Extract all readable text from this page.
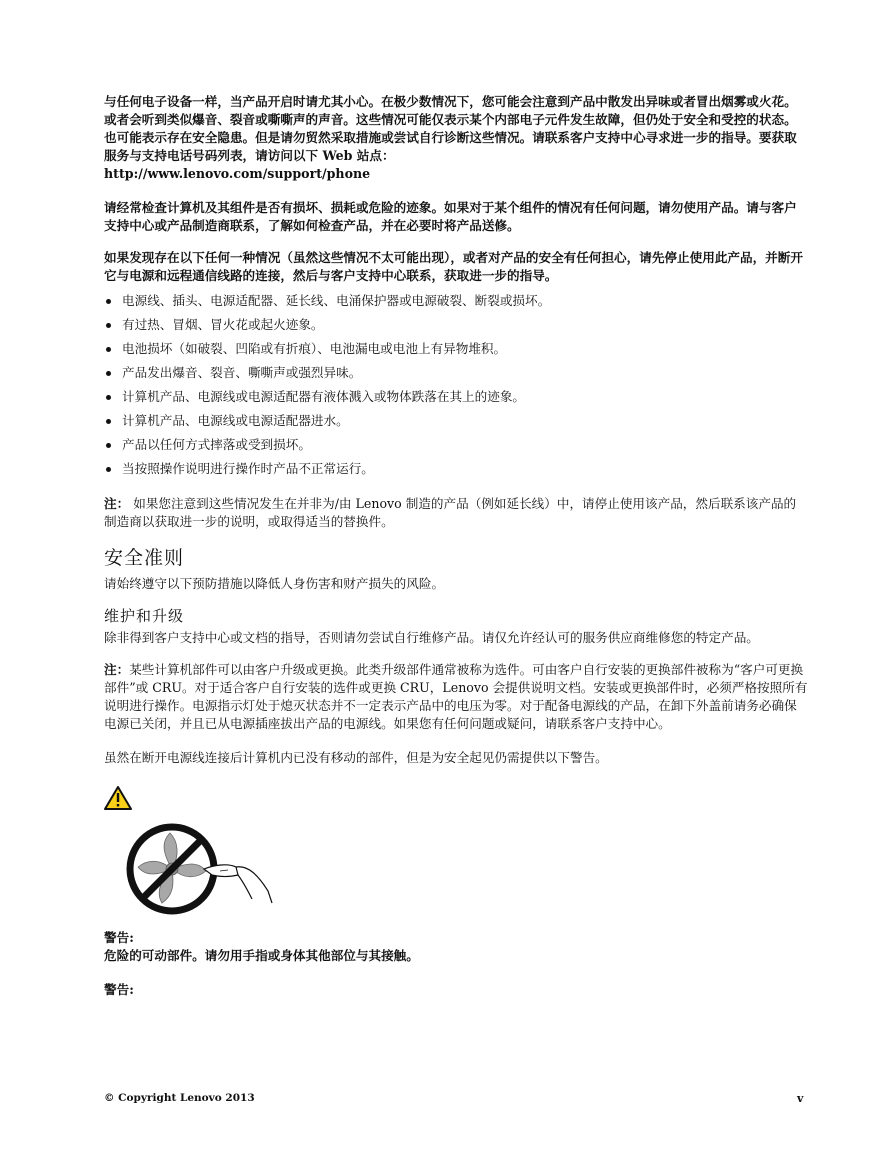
与任何电子设备一样，当产品开启时请尤其小心。在极少数情况下，您可能会注意到产品中散发出异味或者冒出烟雾或火花。或者会听到类似爆音、裂音或嘶嘶声的声音。这些情况可能仅表示某个内部电子元件发生故障，但仍处于安全和受控的状态。也可能表示存在安全隐患。但是请勿贸然采取措施或尝试自行诊断这些情况。请联系客户支持中心寻求进一步的指导。要获取服务与支持电话号码列表，请访问以下 Web 站点：
http://www.lenovo.com/support/phone

请经常检查计算机及其组件是否有损坏、损耗或危险的迹象。如果对于某个组件的情况有任何问题，请勿使用产品。请与客户支持中心或产品制造商联系，了解如何检查产品，并在必要时将产品送修。

如果发现存在以下任何一种情况（虽然这些情况不太可能出现），或者对产品的安全有任何担心，请先停止使用此产品，并断开它与电源和远程通信线路的连接，然后与客户支持中心联系，获取进一步的指导。

电源线、插头、电源适配器、延长线、电涌保护器或电源破裂、断裂或损坏。
有过热、冒烟、冒火花或起火迹象。
电池损坏（如破裂、凹陷或有折痕）、电池漏电或电池上有异物堆积。
产品发出爆音、裂音、嘶嘶声或强烈异味。
计算机产品、电源线或电源适配器有液体溅入或物体跌落在其上的迹象。
计算机产品、电源线或电源适配器进水。
产品以任何方式摔落或受到损坏。
当按照操作说明进行操作时产品不正常运行。

注： 如果您注意到这些情况发生在并非为/由 Lenovo 制造的产品（例如延长线）中，请停止使用该产品，然后联系该产品的制造商以获取进一步的说明，或取得适当的替换件。

安全准则

请始终遵守以下预防措施以降低人身伤害和财产损失的风险。

维护和升级

除非得到客户支持中心或文档的指导，否则请勿尝试自行维修产品。请仅允许经认可的服务供应商维修您的特定产品。

注：某些计算机部件可以由客户升级或更换。此类升级部件通常被称为选件。可由客户自行安装的更换部件被称为“客户可更换部件”或 CRU。对于适合客户自行安装的选件或更换 CRU，Lenovo 会提供说明文档。安装或更换部件时，必须严格按照所有说明进行操作。电源指示灯处于熄灭状态并不一定表示产品中的电压为零。对于配备电源线的产品，在卸下外盖前请务必确保电源已关闭，并且已从电源插座拔出产品的电源线。如果您有任何问题或疑问，请联系客户支持中心。

虽然在断开电源线连接后计算机内已没有移动的部件，但是为安全起见仍需提供以下警告。

警告:
危险的可动部件。请勿用手指或身体其他部位与其接触。

警告:

© Copyright Lenovo 2013	v
